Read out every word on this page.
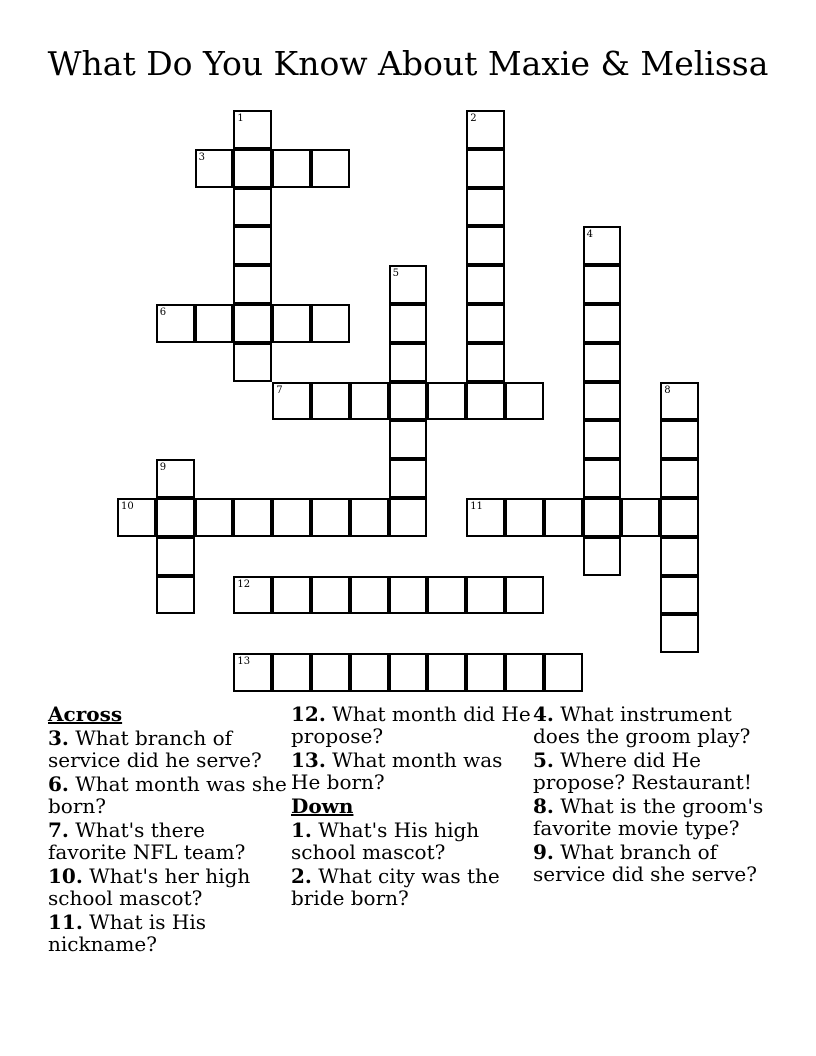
What Do You Know About Maxie & Melissa
1	2
3
4
5
6
7	8
9
10	11
12
13
Across
3. What branch of service did he serve?
6. What month was she born?
7. What's there favorite NFL team?
10. What's her high school mascot?
11. What is His nickname?
12. What month did He propose?
13. What month was He born?
Down
1. What's His high school mascot?
2. What city was the bride born?
4. What instrument does the groom play?
5. Where did He propose? Restaurant!
8. What is the groom's favorite movie type?
9. What branch of service did she serve?
